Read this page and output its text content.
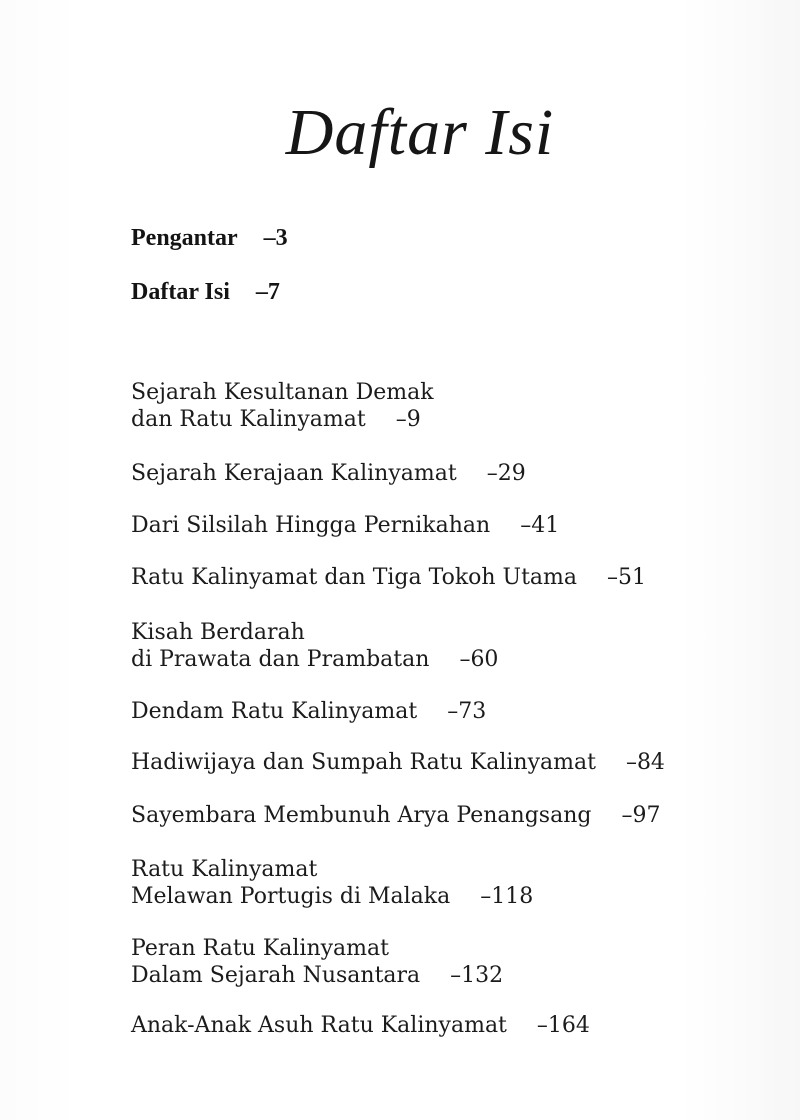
Daftar Isi
Pengantar –3
Daftar Isi –7
Sejarah Kesultanan Demak
dan Ratu Kalinyamat –9
Sejarah Kerajaan Kalinyamat –29
Dari Silsilah Hingga Pernikahan –41
Ratu Kalinyamat dan Tiga Tokoh Utama –51
Kisah Berdarah
di Prawata dan Prambatan –60
Dendam Ratu Kalinyamat –73
Hadiwijaya dan Sumpah Ratu Kalinyamat –84
Sayembara Membunuh Arya Penangsang –97
Ratu Kalinyamat
Melawan Portugis di Malaka –118
Peran Ratu Kalinyamat
Dalam Sejarah Nusantara –132
Anak-Anak Asuh Ratu Kalinyamat –164
